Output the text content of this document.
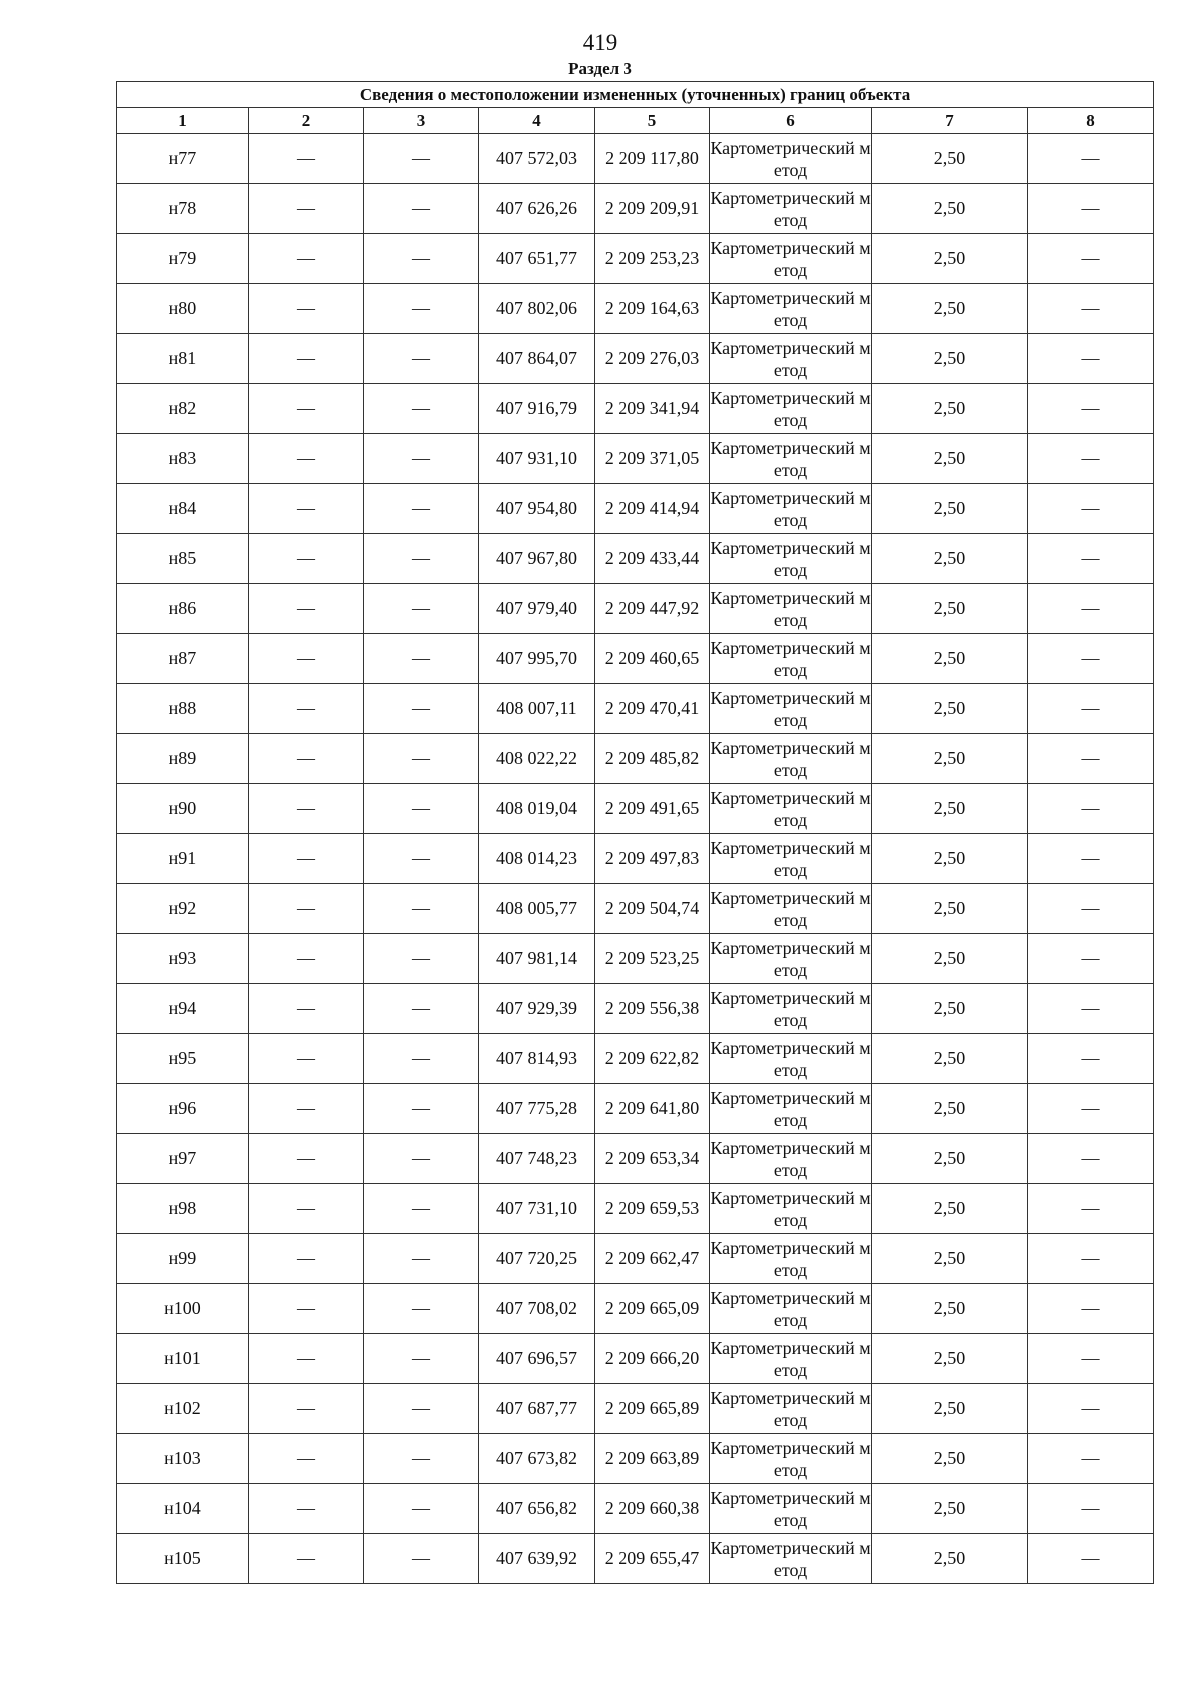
419
Раздел 3
Сведения о местоположении измененных (уточненных) границ объекта							
1	2	3	4	5	6	7	8
н77	—	—	407 572,03	2 209 117,80	Картометрический метод	2,50	—
н78	—	—	407 626,26	2 209 209,91	Картометрический метод	2,50	—
н79	—	—	407 651,77	2 209 253,23	Картометрический метод	2,50	—
н80	—	—	407 802,06	2 209 164,63	Картометрический метод	2,50	—
н81	—	—	407 864,07	2 209 276,03	Картометрический метод	2,50	—
н82	—	—	407 916,79	2 209 341,94	Картометрический метод	2,50	—
н83	—	—	407 931,10	2 209 371,05	Картометрический метод	2,50	—
н84	—	—	407 954,80	2 209 414,94	Картометрический метод	2,50	—
н85	—	—	407 967,80	2 209 433,44	Картометрический метод	2,50	—
н86	—	—	407 979,40	2 209 447,92	Картометрический метод	2,50	—
н87	—	—	407 995,70	2 209 460,65	Картометрический метод	2,50	—
н88	—	—	408 007,11	2 209 470,41	Картометрический метод	2,50	—
н89	—	—	408 022,22	2 209 485,82	Картометрический метод	2,50	—
н90	—	—	408 019,04	2 209 491,65	Картометрический метод	2,50	—
н91	—	—	408 014,23	2 209 497,83	Картометрический метод	2,50	—
н92	—	—	408 005,77	2 209 504,74	Картометрический метод	2,50	—
н93	—	—	407 981,14	2 209 523,25	Картометрический метод	2,50	—
н94	—	—	407 929,39	2 209 556,38	Картометрический метод	2,50	—
н95	—	—	407 814,93	2 209 622,82	Картометрический метод	2,50	—
н96	—	—	407 775,28	2 209 641,80	Картометрический метод	2,50	—
н97	—	—	407 748,23	2 209 653,34	Картометрический метод	2,50	—
н98	—	—	407 731,10	2 209 659,53	Картометрический метод	2,50	—
н99	—	—	407 720,25	2 209 662,47	Картометрический метод	2,50	—
н100	—	—	407 708,02	2 209 665,09	Картометрический метод	2,50	—
н101	—	—	407 696,57	2 209 666,20	Картометрический метод	2,50	—
н102	—	—	407 687,77	2 209 665,89	Картометрический метод	2,50	—
н103	—	—	407 673,82	2 209 663,89	Картометрический метод	2,50	—
н104	—	—	407 656,82	2 209 660,38	Картометрический метод	2,50	—
н105	—	—	407 639,92	2 209 655,47	Картометрический метод	2,50	—
